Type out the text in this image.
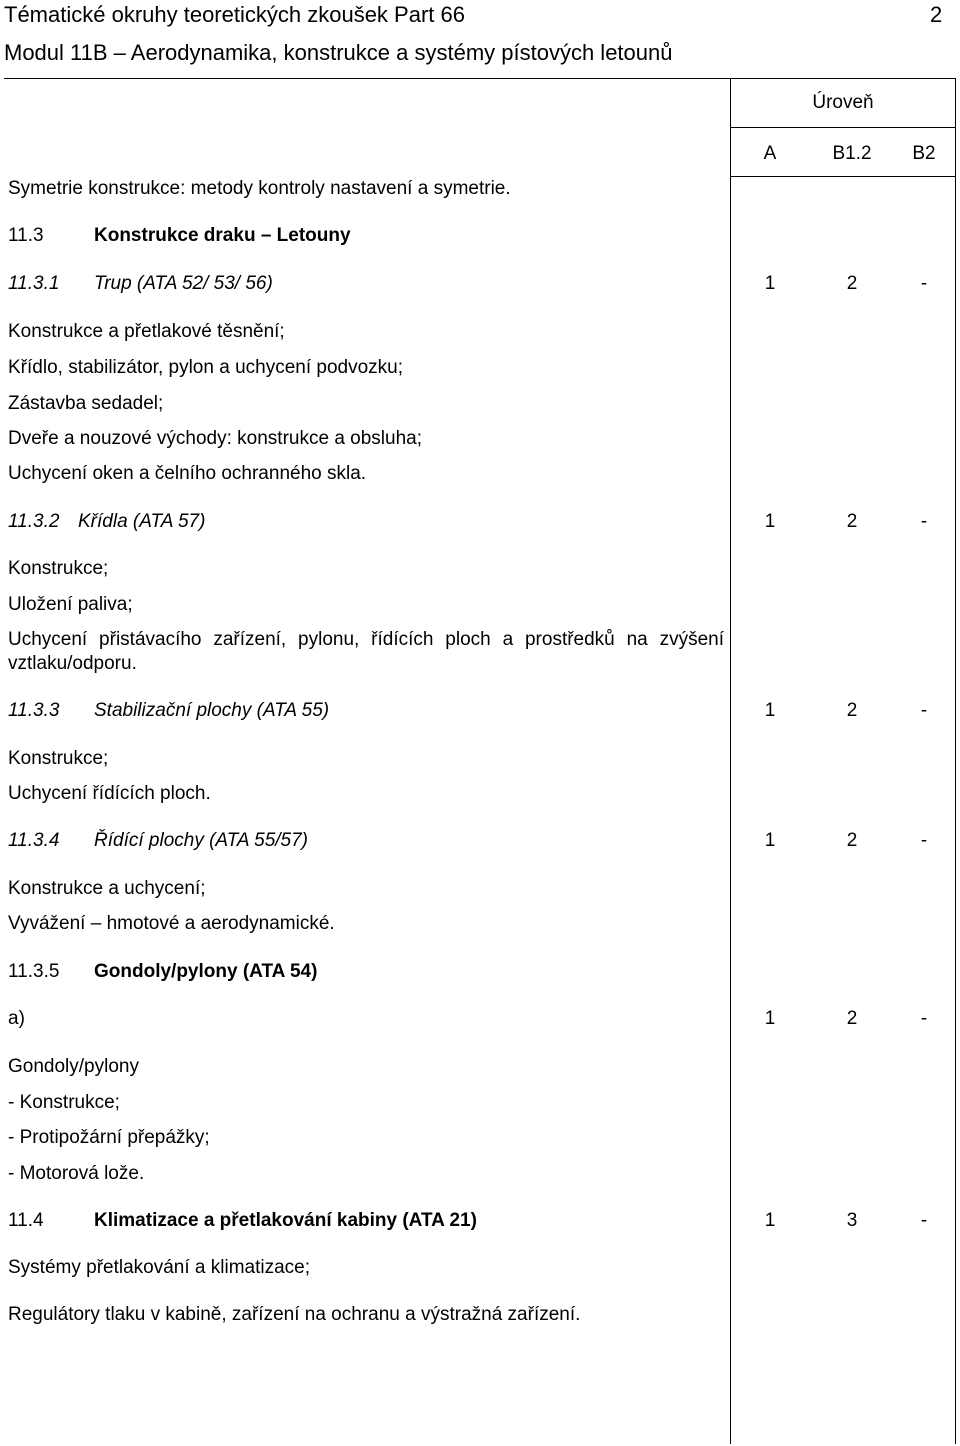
Tématické okruhy teoretických zkoušek Part 66	2
Modul 11B – Aerodynamika, konstrukce a systémy pístových letounů
Úroveň
A	B1.2	B2
Symetrie konstrukce: metody kontroly nastavení a symetrie.
11.3	Konstrukce draku – Letouny
11.3.1 Trup (ATA 52/ 53/ 56)	1	2	-
Konstrukce a přetlakové těsnění;
Křídlo, stabilizátor, pylon a uchycení podvozku;
Zástavba sedadel;
Dveře a nouzové východy: konstrukce a obsluha;
Uchycení oken a čelního ochranného skla.
11.3.2 Křídla (ATA 57)	1	2	-
Konstrukce;
Uložení paliva;
Uchycení přistávacího zařízení, pylonu, řídících ploch a prostředků na zvýšení vztlaku/odporu.
11.3.3 Stabilizační plochy (ATA 55)	1	2	-
Konstrukce;
Uchycení řídících ploch.
11.3.4 Řídící plochy (ATA 55/57)	1	2	-
Konstrukce a uchycení;
Vyvážení – hmotové a aerodynamické.
11.3.5 Gondoly/pylony (ATA 54)
a)	1	2	-
Gondoly/pylony
- Konstrukce;
- Protipožární přepážky;
- Motorová lože.
11.4	Klimatizace a přetlakování kabiny (ATA 21)	1	3	-
Systémy přetlakování a klimatizace;
Regulátory tlaku v kabině, zařízení na ochranu a výstražná zařízení.
